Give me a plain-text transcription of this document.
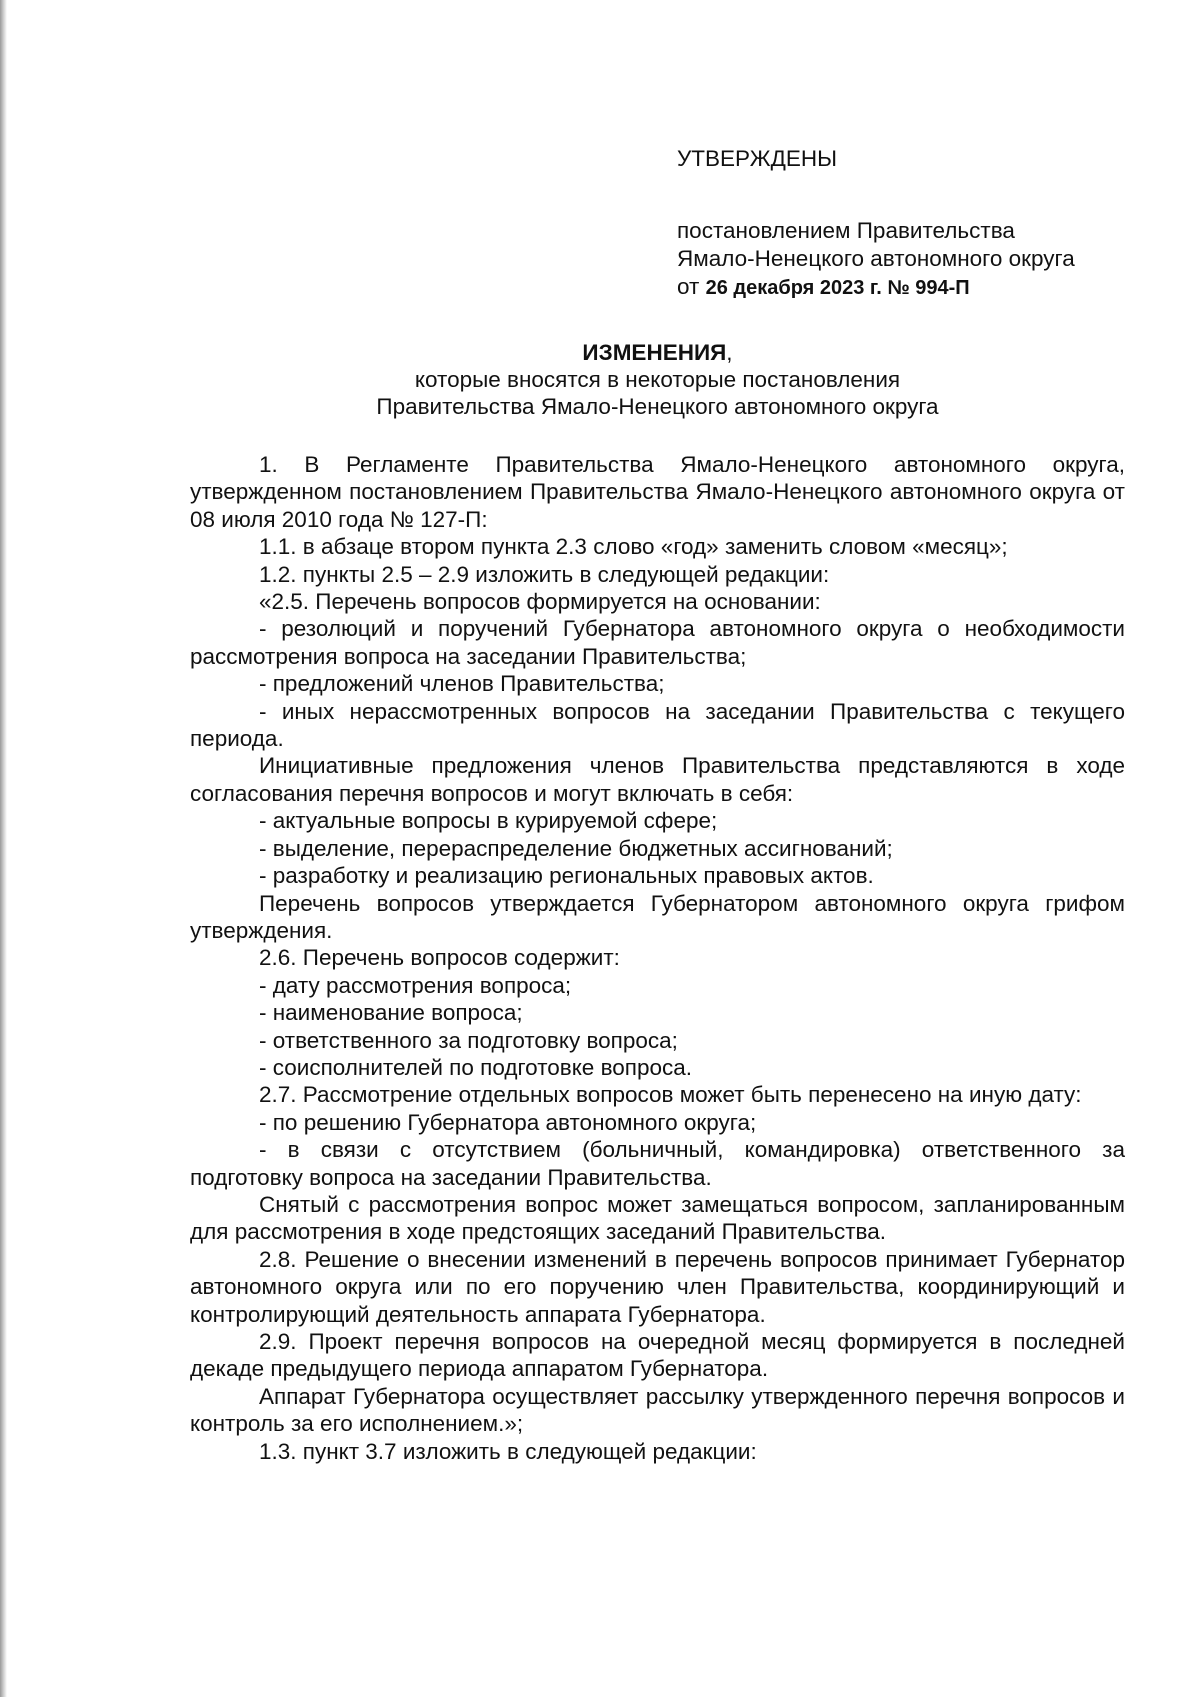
УТВЕРЖДЕНЫ
постановлением Правительства
Ямало-Ненецкого автономного округа
от 26 декабря 2023 г. № 994-П
ИЗМЕНЕНИЯ,
которые вносятся в некоторые постановления
Правительства Ямало-Ненецкого автономного округа

1. В Регламенте Правительства Ямало-Ненецкого автономного округа, утвержденном постановлением Правительства Ямало-Ненецкого автономного округа от 08 июля 2010 года № 127-П:

1.1. в абзаце втором пункта 2.3 слово «год» заменить словом «месяц»;

1.2. пункты 2.5 – 2.9 изложить в следующей редакции:

«2.5. Перечень вопросов формируется на основании:

- резолюций и поручений Губернатора автономного округа о необходимости рассмотрения вопроса на заседании Правительства;

- предложений членов Правительства;

- иных нерассмотренных вопросов на заседании Правительства с текущего периода.

Инициативные предложения членов Правительства представляются в ходе согласования перечня вопросов и могут включать в себя:

- актуальные вопросы в курируемой сфере;

- выделение, перераспределение бюджетных ассигнований;

- разработку и реализацию региональных правовых актов.

Перечень вопросов утверждается Губернатором автономного округа грифом утверждения.

2.6. Перечень вопросов содержит:

- дату рассмотрения вопроса;

- наименование вопроса;

- ответственного за подготовку вопроса;

- соисполнителей по подготовке вопроса.

2.7. Рассмотрение отдельных вопросов может быть перенесено на иную дату:

- по решению Губернатора автономного округа;

- в связи с отсутствием (больничный, командировка) ответственного за подготовку вопроса на заседании Правительства.

Снятый с рассмотрения вопрос может замещаться вопросом, запланированным для рассмотрения в ходе предстоящих заседаний Правительства.

2.8. Решение о внесении изменений в перечень вопросов принимает Губернатор автономного округа или по его поручению член Правительства, координирующий и контролирующий деятельность аппарата Губернатора.

2.9. Проект перечня вопросов на очередной месяц формируется в последней декаде предыдущего периода аппаратом Губернатора.

Аппарат Губернатора осуществляет рассылку утвержденного перечня вопросов и контроль за его исполнением.»;

1.3. пункт 3.7 изложить в следующей редакции:
